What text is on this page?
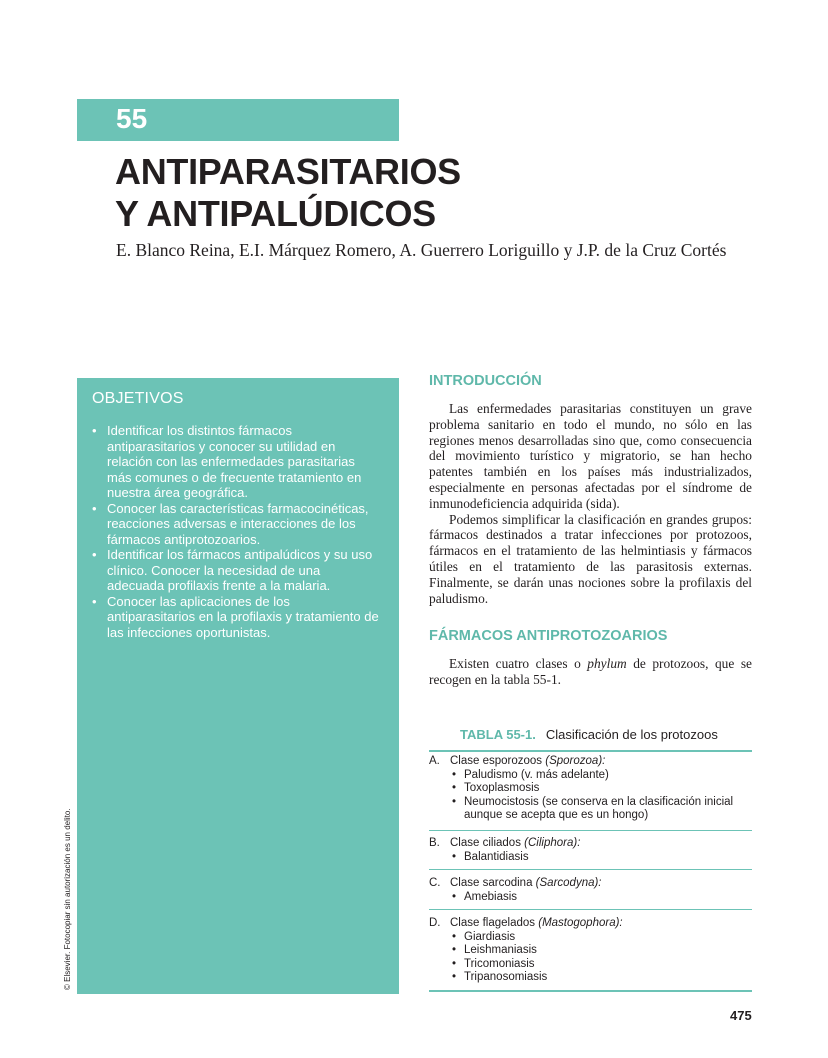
55
ANTIPARASITARIOS
Y ANTIPALÚDICOS
E. Blanco Reina, E.I. Márquez Romero, A. Guerrero Loriguillo y J.P. de la Cruz Cortés
OBJETIVOS
• Identificar los distintos fármacos antiparasitarios y conocer su utilidad en relación con las enfermedades parasitarias más comunes o de frecuente tratamiento en nuestra área geográfica.
• Conocer las características farmacocinéticas, reacciones adversas e interacciones de los fármacos antiprotozoarios.
• Identificar los fármacos antipalúdicos y su uso clínico. Conocer la necesidad de una adecuada profilaxis frente a la malaria.
• Conocer las aplicaciones de los antiparasitarios en la profilaxis y tratamiento de las infecciones oportunistas.
INTRODUCCIÓN

Las enfermedades parasitarias constituyen un grave problema sanitario en todo el mundo, no sólo en las regiones menos desarrolladas sino que, como consecuencia del movimiento turístico y migratorio, se han hecho patentes también en los países más industrializados, especialmente en personas afectadas por el síndrome de inmunodeficiencia adquirida (sida).

Podemos simplificar la clasificación en grandes grupos: fármacos destinados a tratar infecciones por protozoos, fármacos en el tratamiento de las helmintiasis y fármacos útiles en el tratamiento de las parasitosis externas. Finalmente, se darán unas nociones sobre la profilaxis del paludismo.

FÁRMACOS ANTIPROTOZOARIOS

Existen cuatro clases o phylum de protozoos, que se recogen en la tabla 55-1.

TABLA 55-1. Clasificación de los protozoos
A. Clase esporozoos (Sporozoa):
• Paludismo (v. más adelante)
• Toxoplasmosis
• Neumocistosis (se conserva en la clasificación inicial aunque se acepta que es un hongo)
B. Clase ciliados (Ciliphora):
• Balantidiasis
C. Clase sarcodina (Sarcodyna):
• Amebiasis
D. Clase flagelados (Mastogophora):
• Giardiasis
• Leishmaniasis
• Tricomoniasis
• Tripanosomiasis
475
© Elsevier. Fotocopiar sin autorización es un delito.
